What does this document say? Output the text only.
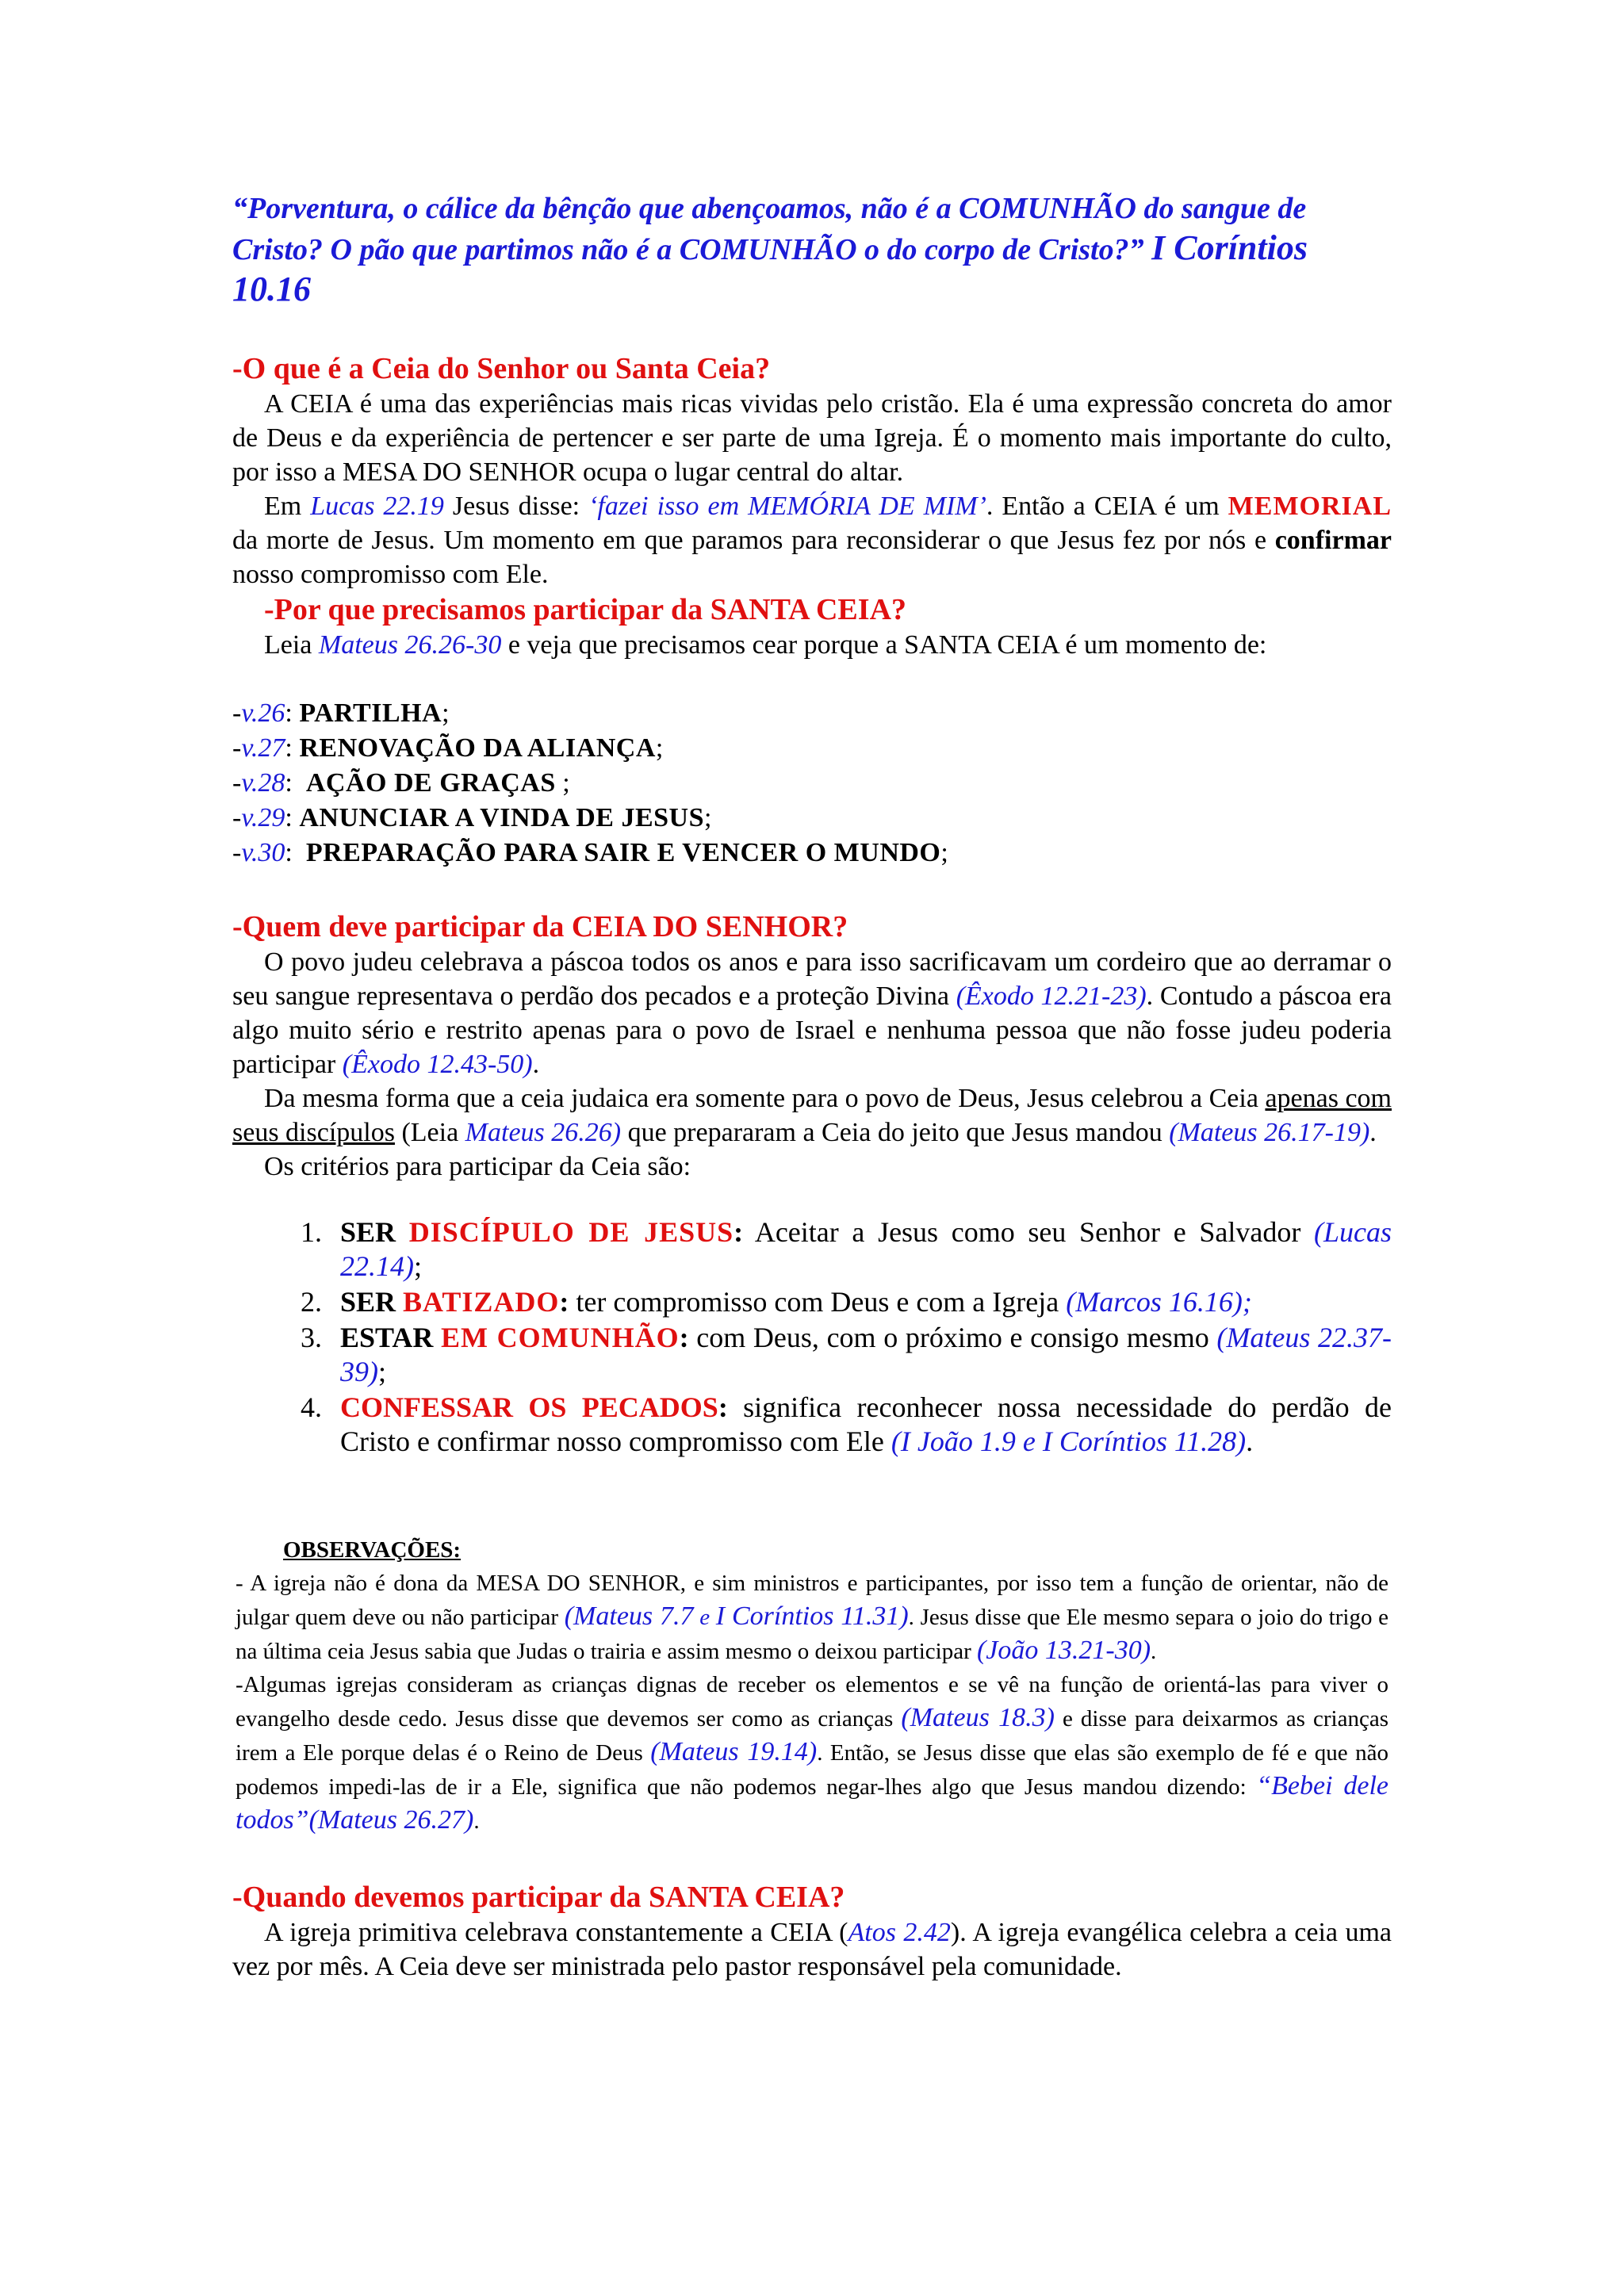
“Porventura, o cálice da bênção que abençoamos, não é a COMUNHÃO do sangue de Cristo? O pão que partimos não é a COMUNHÃO o do corpo de Cristo?” I Coríntios 10.16
-O que é a Ceia do Senhor ou Santa Ceia?

A CEIA é uma das experiências mais ricas vividas pelo cristão. Ela é uma expressão concreta do amor de Deus e da experiência de pertencer e ser parte de uma Igreja. É o momento mais importante do culto, por isso a MESA DO SENHOR ocupa o lugar central do altar.

Em Lucas 22.19 Jesus disse: ‘fazei isso em MEMÓRIA DE MIM’. Então a CEIA é um MEMORIAL da morte de Jesus. Um momento em que paramos para reconsiderar o que Jesus fez por nós e confirmar nosso compromisso com Ele.

-Por que precisamos participar da SANTA CEIA?

Leia Mateus 26.26-30 e veja que precisamos cear porque a SANTA CEIA é um momento de:

-v.26: PARTILHA;
-v.27: RENOVAÇÃO DA ALIANÇA;
-v.28:  AÇÃO DE GRAÇAS ;
-v.29: ANUNCIAR A VINDA DE JESUS;
-v.30:  PREPARAÇÃO PARA SAIR E VENCER O MUNDO;
-Quem deve participar da CEIA DO SENHOR?

O povo judeu celebrava a páscoa todos os anos e para isso sacrificavam um cordeiro que ao derramar o seu sangue representava o perdão dos pecados e a proteção Divina (Êxodo 12.21-23). Contudo a páscoa era algo muito sério e restrito apenas para o povo de Israel e nenhuma pessoa que não fosse judeu poderia participar (Êxodo 12.43-50).

Da mesma forma que a ceia judaica era somente para o povo de Deus, Jesus celebrou a Ceia apenas com seus discípulos (Leia Mateus 26.26) que prepararam a Ceia do jeito que Jesus mandou (Mateus 26.17-19).

Os critérios para participar da Ceia são:

1. SER DISCÍPULO DE JESUS: Aceitar a Jesus como seu Senhor e Salvador (Lucas 22.14);
2. SER BATIZADO: ter compromisso com Deus e com a Igreja (Marcos 16.16);
3. ESTAR EM COMUNHÃO: com Deus, com o próximo e consigo mesmo (Mateus 22.37-39);
4. CONFESSAR OS PECADOS: significa reconhecer nossa necessidade do perdão de Cristo e confirmar nosso compromisso com Ele (I João 1.9 e I Coríntios 11.28).
OBSERVAÇÕES:

- A igreja não é dona da MESA DO SENHOR, e sim ministros e participantes, por isso tem a função de orientar, não de julgar quem deve ou não participar (Mateus 7.7 e I Coríntios 11.31). Jesus disse que Ele mesmo separa o joio do trigo e na última ceia Jesus sabia que Judas o trairia e assim mesmo o deixou participar (João 13.21-30).

-Algumas igrejas consideram as crianças dignas de receber os elementos e se vê na função de orientá-las para viver o evangelho desde cedo. Jesus disse que devemos ser como as crianças (Mateus 18.3) e disse para deixarmos as crianças irem a Ele porque delas é o Reino de Deus (Mateus 19.14). Então, se Jesus disse que elas são exemplo de fé e que não podemos impedi-las de ir a Ele, significa que não podemos negar-lhes algo que Jesus mandou dizendo: “Bebei dele todos”(Mateus 26.27).

-Quando devemos participar da SANTA CEIA?

A igreja primitiva celebrava constantemente a CEIA (Atos 2.42). A igreja evangélica celebra a ceia uma vez por mês. A Ceia deve ser ministrada pelo pastor responsável pela comunidade.
